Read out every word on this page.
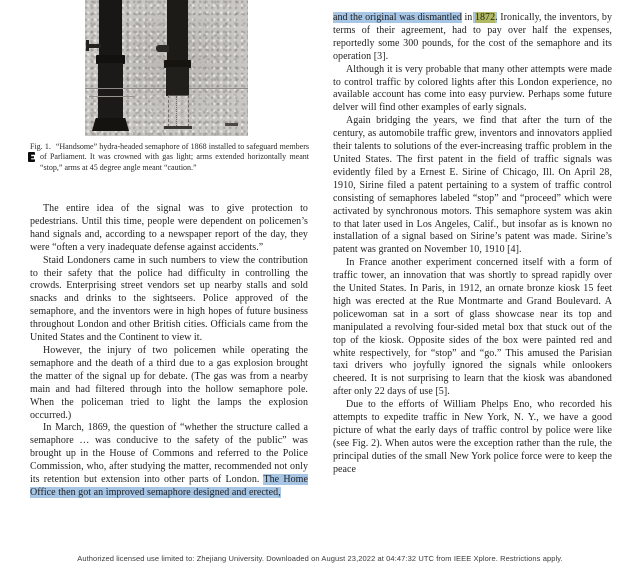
Fig. 1. “Handsome” hydra-headed semaphore of 1868 installed to safeguard members of Parliament. It was crowned with gas light; arms extended horizontally meant “stop,” arms at 45 degree angle meant “caution.”

The entire idea of the signal was to give protection to pedestrians. Until this time, people were dependent on policemen’s hand signals and, according to a newspaper report of the day, they were “often a very inadequate defense against accidents.”

Staid Londoners came in such numbers to view the contribution to their safety that the police had difficulty in controlling the crowds. Enterprising street vendors set up nearby stalls and sold snacks and drinks to the sightseers. Police approved of the semaphore, and the inventors were in high hopes of future business throughout London and other British cities. Officials came from the United States and the Continent to view it.

However, the injury of two policemen while operating the semaphore and the death of a third due to a gas explosion brought the matter of the signal up for debate. (The gas was from a nearby main and had filtered through into the hollow semaphore pole. When the policeman tried to light the lamps the explosion occurred.)

In March, 1869, the question of “whether the structure called a semaphore … was conducive to the safety of the public” was brought up in the House of Commons and referred to the Police Commission, who, after studying the matter, recommended not only its retention but extension into other parts of London. The Home Office then got an improved semaphore designed and erected,

and the original was dismantled in 1872. Ironically, the inventors, by terms of their agreement, had to pay over half the expenses, reportedly some 300 pounds, for the cost of the semaphore and its operation [3].

Although it is very probable that many other attempts were made to control traffic by colored lights after this London experience, no available account has come into easy purview. Perhaps some future delver will find other examples of early signals.

Again bridging the years, we find that after the turn of the century, as automobile traffic grew, inventors and innovators applied their talents to solutions of the ever-increasing traffic problem in the United States. The first patent in the field of traffic signals was evidently filed by a Ernest E. Sirine of Chicago, Ill. On April 28, 1910, Sirine filed a patent pertaining to a system of traffic control consisting of semaphores labeled “stop” and “proceed” which were activated by synchronous motors. This semaphore system was akin to that later used in Los Angeles, Calif., but insofar as is known no installation of a signal based on Sirine’s patent was made. Sirine’s patent was granted on November 10, 1910 [4].

In France another experiment concerned itself with a form of traffic tower, an innovation that was shortly to spread rapidly over the United States. In Paris, in 1912, an ornate bronze kiosk 15 feet high was erected at the Rue Montmarte and Grand Boulevard. A policewoman sat in a sort of glass showcase near its top and manipulated a revolving four-sided metal box that stuck out of the top of the kiosk. Opposite sides of the box were painted red and white respectively, for “stop” and “go.” This amused the Parisian taxi drivers who joyfully ignored the signals while onlookers cheered. It is not surprising to learn that the kiosk was abandoned after only 22 days of use [5].

Due to the efforts of William Phelps Eno, who recorded his attempts to expedite traffic in New York, N. Y., we have a good picture of what the early days of traffic control by police were like (see Fig. 2). When autos were the exception rather than the rule, the principal duties of the small New York police force were to keep the peace

Authorized licensed use limited to: Zhejiang University. Downloaded on August 23,2022 at 04:47:32 UTC from IEEE Xplore. Restrictions apply.
